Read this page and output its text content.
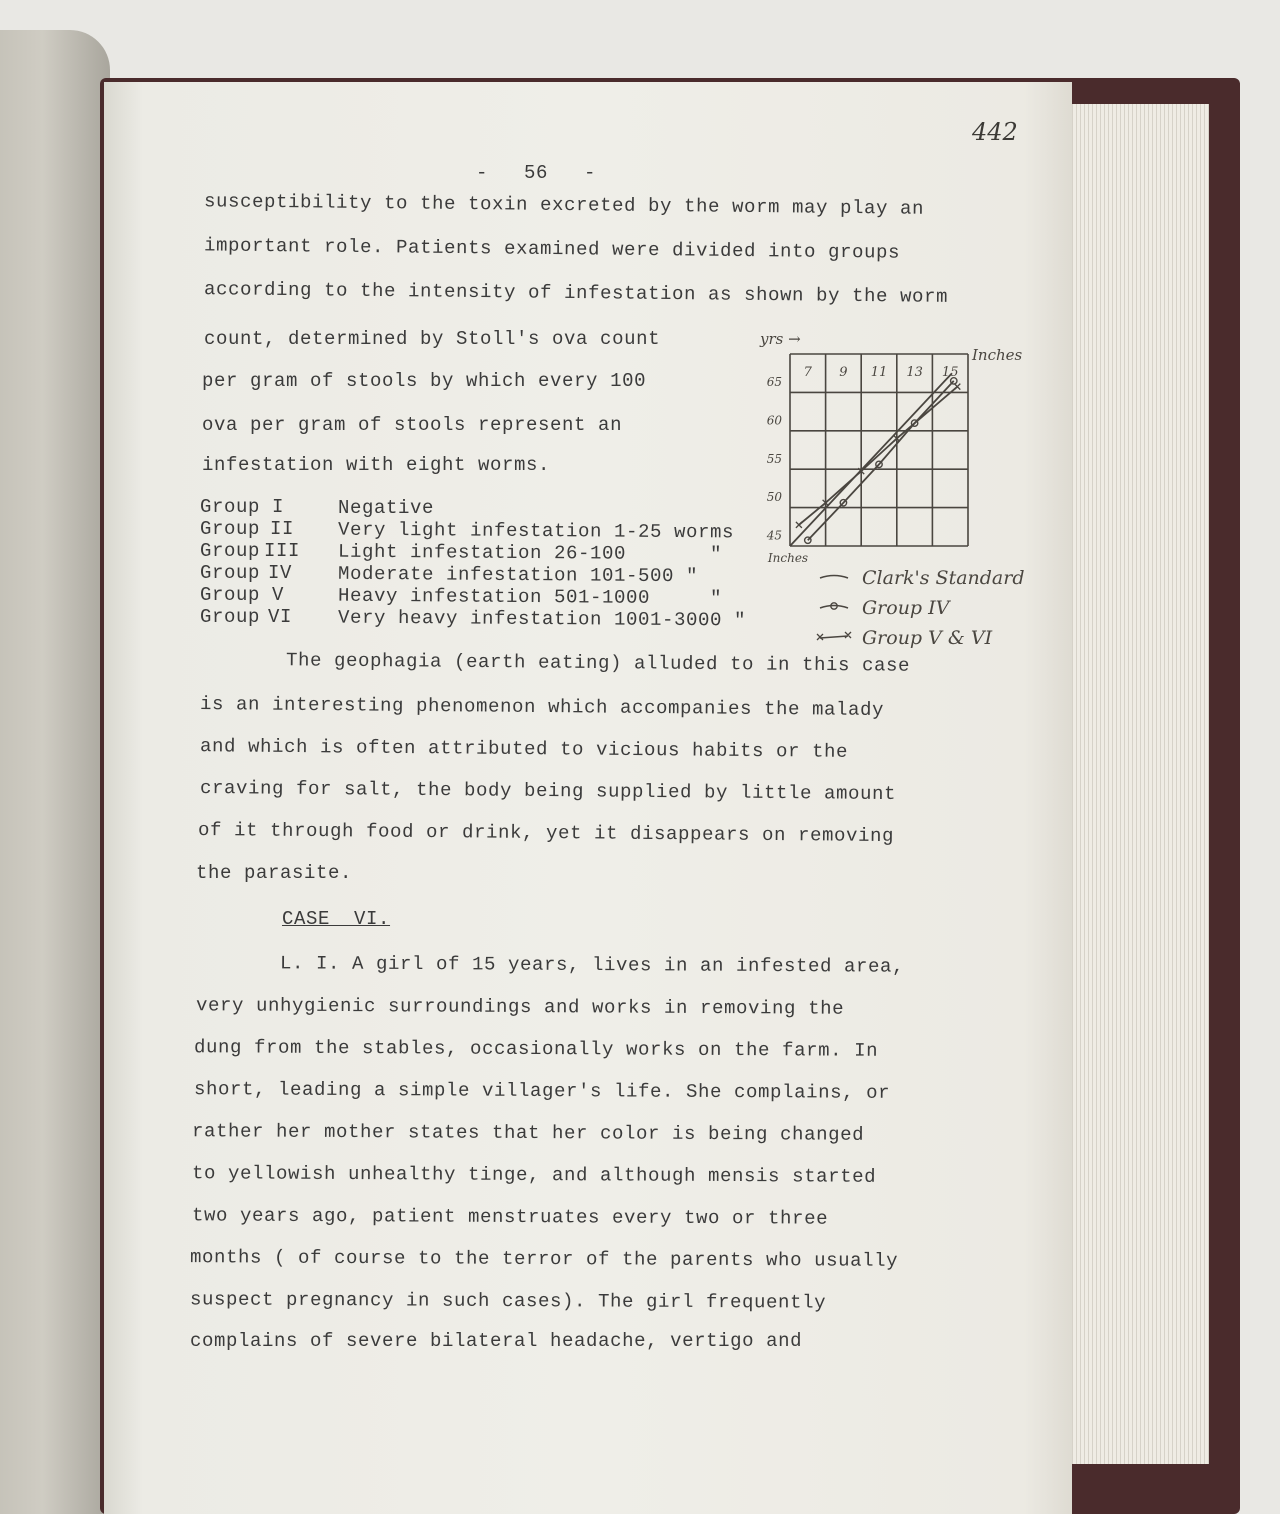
442
-   56   -
susceptibility to the toxin excreted by the worm may play an
important role. Patients examined were divided into groups
according to the intensity of infestation as shown by the worm
count, determined by Stoll's ova count
per gram of stools by which every 100
ova per gram of stools represent an
infestation with eight worms.
Group I	Negative
Group II Very light infestation 1-25 worms
Group III Light infestation 26-100       "
Group IV Moderate infestation 101-500 "
Group V	Heavy infestation 501-1000     "
Group VI Very heavy infestation 1001-3000 "
The geophagia (earth eating) alluded to in this case
is an interesting phenomenon which accompanies the malady
and which is often attributed to vicious habits or the
craving for salt, the body being supplied by little amount
of it through food or drink, yet it disappears on removing
the parasite.
CASE  VI.
L. I. A girl of 15 years, lives in an infested area,
very unhygienic surroundings and works in removing the
dung from the stables, occasionally works on the farm. In
short, leading a simple villager's life. She complains, or
rather her mother states that her color is being changed
to yellowish unhealthy tinge, and although mensis started
two years ago, patient menstruates every two or three
months ( of course to the terror of the parents who usually
suspect pregnancy in such cases). The girl frequently
complains of severe bilateral headache, vertigo and
7 9 11 13 15
65
60
55
50
45
yrs →
Inches
Inches
Clark's Standard
Group IV
Group V & VI
